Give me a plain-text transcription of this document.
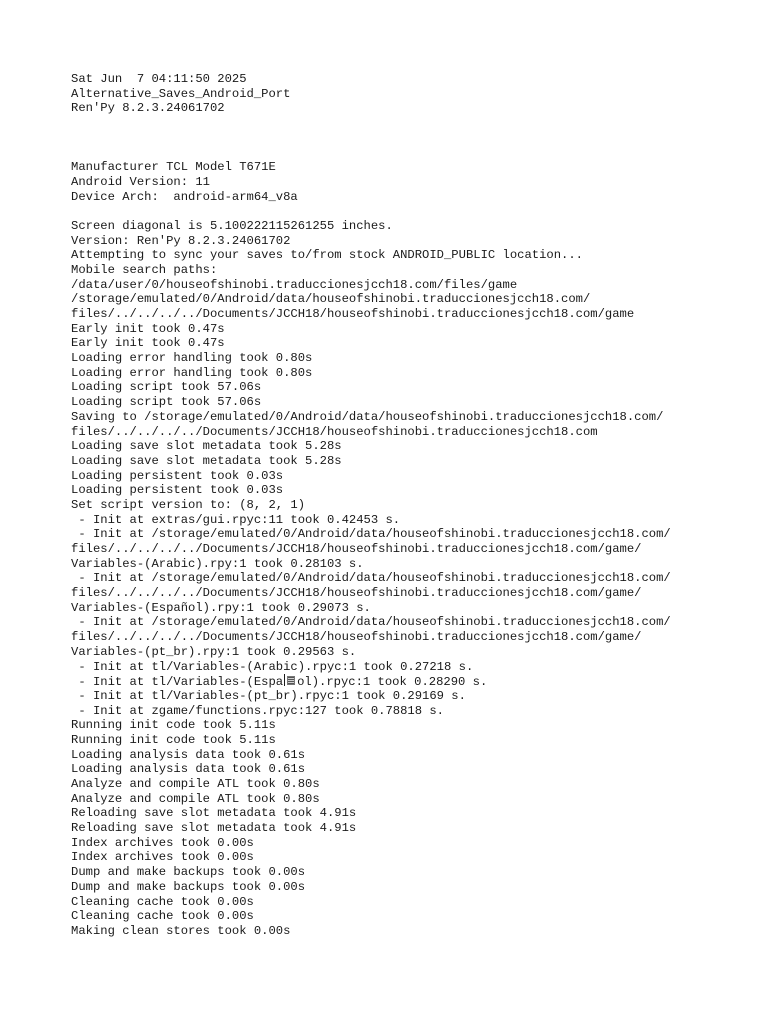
Sat Jun  7 04:11:50 2025
Alternative_Saves_Android_Port
Ren'Py 8.2.3.24061702
Manufacturer TCL Model T671E
Android Version: 11
Device Arch:  android-arm64_v8a
Screen diagonal is 5.100222115261255 inches.
Version: Ren'Py 8.2.3.24061702
Attempting to sync your saves to/from stock ANDROID_PUBLIC location...
Mobile search paths:
/data/user/0/houseofshinobi.traduccionesjcch18.com/files/game
/storage/emulated/0/Android/data/houseofshinobi.traduccionesjcch18.com/
files/../../../../Documents/JCCH18/houseofshinobi.traduccionesjcch18.com/game
Early init took 0.47s
Early init took 0.47s
Loading error handling took 0.80s
Loading error handling took 0.80s
Loading script took 57.06s
Loading script took 57.06s
Saving to /storage/emulated/0/Android/data/houseofshinobi.traduccionesjcch18.com/
files/../../../../Documents/JCCH18/houseofshinobi.traduccionesjcch18.com
Loading save slot metadata took 5.28s
Loading save slot metadata took 5.28s
Loading persistent took 0.03s
Loading persistent took 0.03s
Set script version to: (8, 2, 1)
- Init at extras/gui.rpyc:11 took 0.42453 s.
- Init at /storage/emulated/0/Android/data/houseofshinobi.traduccionesjcch18.com/
files/../../../../Documents/JCCH18/houseofshinobi.traduccionesjcch18.com/game/
Variables-(Arabic).rpy:1 took 0.28103 s.
- Init at /storage/emulated/0/Android/data/houseofshinobi.traduccionesjcch18.com/
files/../../../../Documents/JCCH18/houseofshinobi.traduccionesjcch18.com/game/
Variables-(Español).rpy:1 took 0.29073 s.
- Init at /storage/emulated/0/Android/data/houseofshinobi.traduccionesjcch18.com/
files/../../../../Documents/JCCH18/houseofshinobi.traduccionesjcch18.com/game/
Variables-(pt_br).rpy:1 took 0.29563 s.
- Init at tl/Variables-(Arabic).rpyc:1 took 0.27218 s.
- Init at tl/Variables-(Espa ol).rpyc:1 took 0.28290 s.
- Init at tl/Variables-(pt_br).rpyc:1 took 0.29169 s.
- Init at zgame/functions.rpyc:127 took 0.78818 s.
Running init code took 5.11s
Running init code took 5.11s
Loading analysis data took 0.61s
Loading analysis data took 0.61s
Analyze and compile ATL took 0.80s
Analyze and compile ATL took 0.80s
Reloading save slot metadata took 4.91s
Reloading save slot metadata took 4.91s
Index archives took 0.00s
Index archives took 0.00s
Dump and make backups took 0.00s
Dump and make backups took 0.00s
Cleaning cache took 0.00s
Cleaning cache took 0.00s
Making clean stores took 0.00s
